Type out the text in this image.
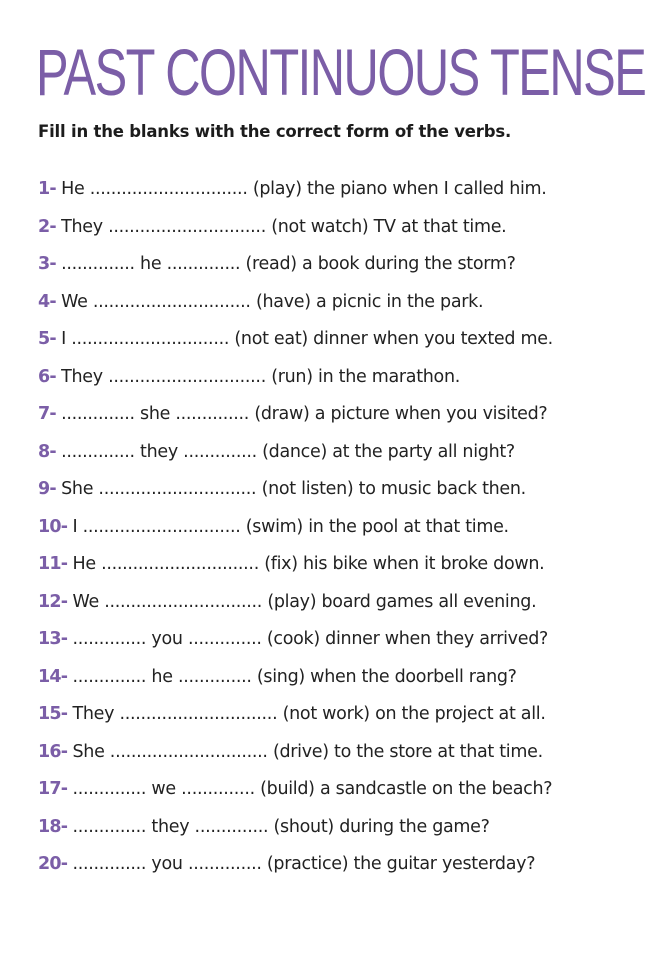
PAST CONTINUOUS TENSE

Fill in the blanks with the correct form of the verbs.

1- He .............................. (play) the piano when I called him.
2- They .............................. (not watch) TV at that time.
3- .............. he .............. (read) a book during the storm?
4- We .............................. (have) a picnic in the park.
5- I .............................. (not eat) dinner when you texted me.
6- They .............................. (run) in the marathon.
7- .............. she .............. (draw) a picture when you visited?
8- .............. they .............. (dance) at the party all night?
9- She .............................. (not listen) to music back then.
10- I .............................. (swim) in the pool at that time.
11- He .............................. (fix) his bike when it broke down.
12- We .............................. (play) board games all evening.
13- .............. you .............. (cook) dinner when they arrived?
14- .............. he .............. (sing) when the doorbell rang?
15- They .............................. (not work) on the project at all.
16- She .............................. (drive) to the store at that time.
17- .............. we .............. (build) a sandcastle on the beach?
18- .............. they .............. (shout) during the game?
20- .............. you .............. (practice) the guitar yesterday?
